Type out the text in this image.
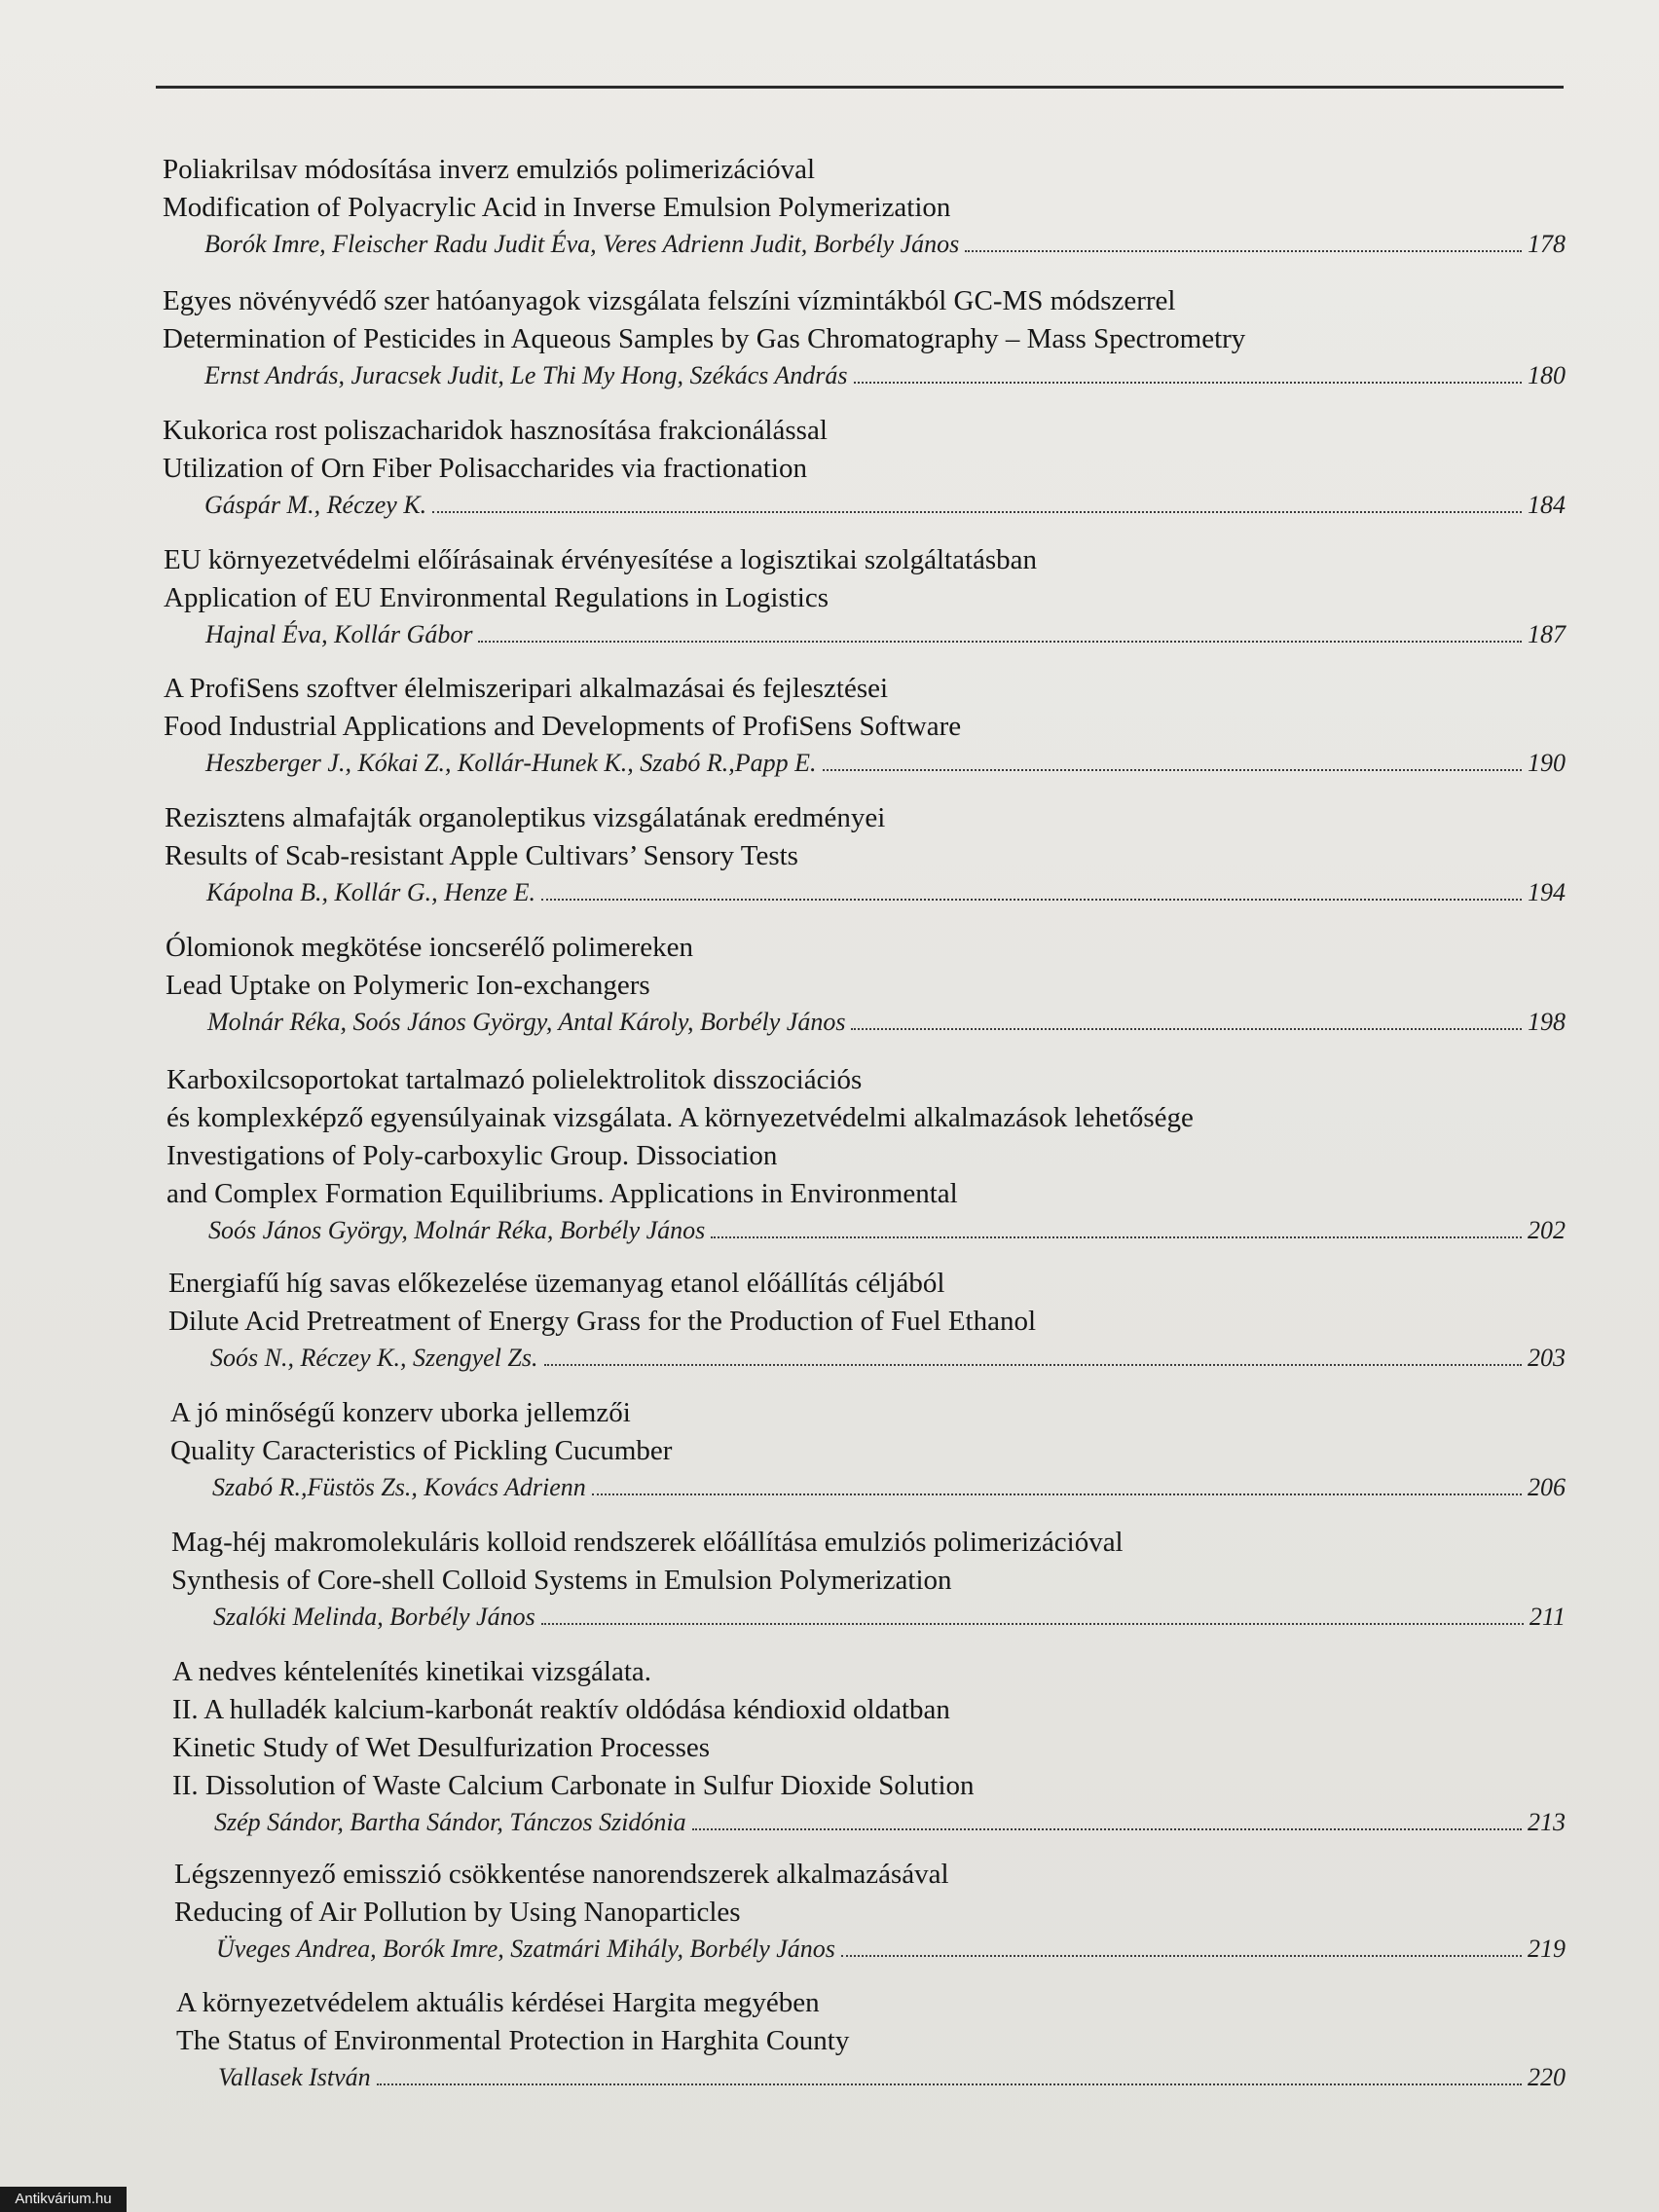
Poliakrilsav módosítása inverz emulziós polimerizációval
Modification of Polyacrylic Acid in Inverse Emulsion Polymerization
Borók Imre, Fleischer Radu Judit Éva, Veres Adrienn Judit, Borbély János	178
Egyes növényvédő szer hatóanyagok vizsgálata felszíni vízmintákból GC-MS módszerrel
Determination of Pesticides in Aqueous Samples by Gas Chromatography – Mass Spectrometry
Ernst András, Juracsek Judit, Le Thi My Hong, Székács András	180
Kukorica rost poliszacharidok hasznosítása frakcionálással
Utilization of Orn Fiber Polisaccharides via fractionation
Gáspár M., Réczey K.	184
EU környezetvédelmi előírásainak érvényesítése a logisztikai szolgáltatásban
Application of EU Environmental Regulations in Logistics
Hajnal Éva, Kollár Gábor	187
A ProfiSens szoftver élelmiszeripari alkalmazásai és fejlesztései
Food Industrial Applications and Developments of ProfiSens Software
Heszberger J., Kókai Z., Kollár-Hunek K., Szabó R.,Papp E.	190
Rezisztens almafajták organoleptikus vizsgálatának eredményei
Results of Scab-resistant Apple Cultivars’ Sensory Tests
Kápolna B., Kollár G., Henze E.	194
Ólomionok megkötése ioncserélő polimereken
Lead Uptake on Polymeric Ion-exchangers
Molnár Réka, Soós János György, Antal Károly, Borbély János	198
Karboxilcsoportokat tartalmazó polielektrolitok disszociációs
és komplexképző egyensúlyainak vizsgálata. A környezetvédelmi alkalmazások lehetősége
Investigations of Poly-carboxylic Group. Dissociation
and Complex Formation Equilibriums. Applications in Environmental
Soós János György, Molnár Réka, Borbély János	202
Energiafű híg savas előkezelése üzemanyag etanol előállítás céljából
Dilute Acid Pretreatment of Energy Grass for the Production of Fuel Ethanol
Soós N., Réczey K., Szengyel Zs.	203
A jó minőségű konzerv uborka jellemzői
Quality Caracteristics of Pickling Cucumber
Szabó R.,Füstös Zs., Kovács Adrienn	206
Mag-héj makromolekuláris kolloid rendszerek előállítása emulziós polimerizációval
Synthesis of Core-shell Colloid Systems in Emulsion Polymerization
Szalóki Melinda, Borbély János	211
A nedves kéntelenítés kinetikai vizsgálata.
II. A hulladék kalcium-karbonát reaktív oldódása kéndioxid oldatban
Kinetic Study of Wet Desulfurization Processes
II. Dissolution of Waste Calcium Carbonate in Sulfur Dioxide Solution
Szép Sándor, Bartha Sándor, Tánczos Szidónia	213
Légszennyező emisszió csökkentése nanorendszerek alkalmazásával
Reducing of Air Pollution by Using Nanoparticles
Üveges Andrea, Borók Imre, Szatmári Mihály, Borbély János	219
A környezetvédelem aktuális kérdései Hargita megyében
The Status of Environmental Protection in Harghita County
Vallasek István	220
Antikvárium.hu
